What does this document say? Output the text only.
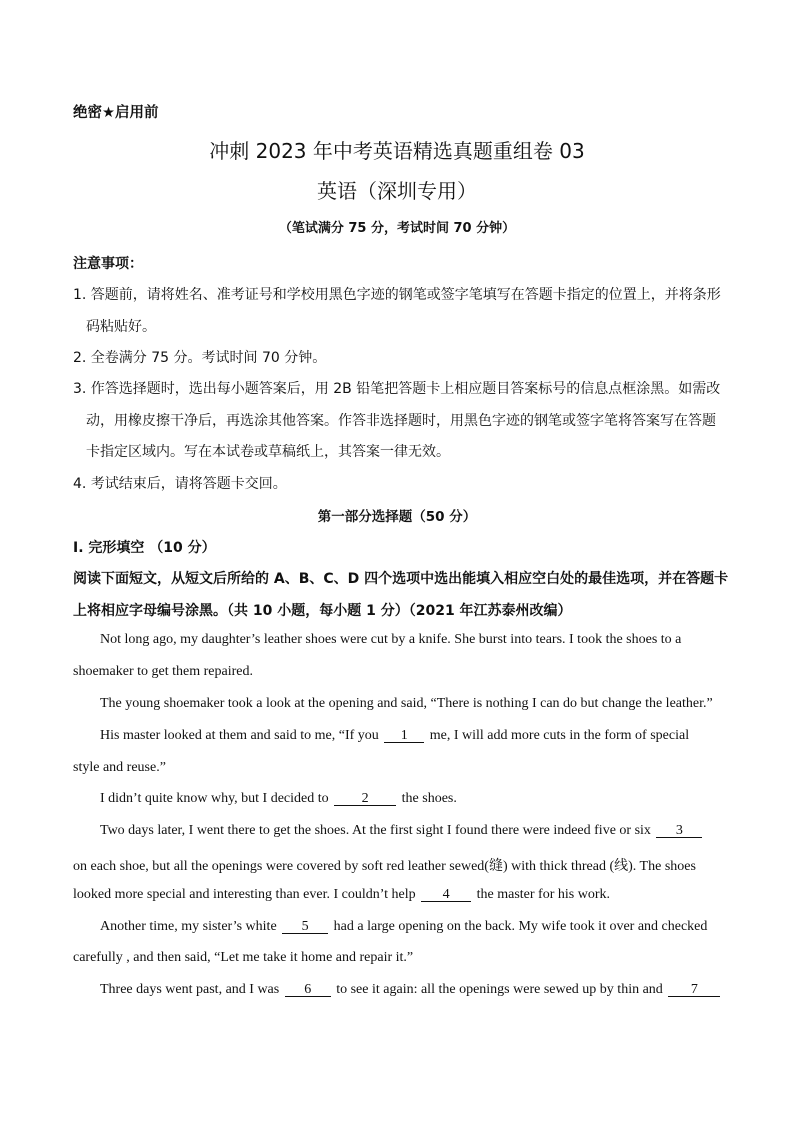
绝密★启用前
冲刺 2023 年中考英语精选真题重组卷 03
英语（深圳专用）
（笔试满分 75 分，考试时间 70 分钟）
注意事项：
1. 答题前，请将姓名、准考证号和学校用黑色字迹的钢笔或签字笔填写在答题卡指定的位置上，并将条形
码粘贴好。
2. 全卷满分 75 分。考试时间 70 分钟。
3. 作答选择题时，选出每小题答案后，用 2B 铅笔把答题卡上相应题目答案标号的信息点框涂黑。如需改
动，用橡皮擦干净后，再选涂其他答案。作答非选择题时，用黑色字迹的钢笔或签字笔将答案写在答题
卡指定区域内。写在本试卷或草稿纸上，其答案一律无效。
4. 考试结束后，请将答题卡交回。
第一部分选择题（50 分）
I. 完形填空 （10 分）
阅读下面短文，从短文后所给的 A、B、C、D 四个选项中选出能填入相应空白处的最佳选项，并在答题卡
上将相应字母编号涂黑。（共 10 小题，每小题 1 分）（2021 年江苏泰州改编）
Not long ago, my daughter’s leather shoes were cut by a knife. She burst into tears. I took the shoes to a
shoemaker to get them repaired.
The young shoemaker took a look at the opening and said, “There is nothing I can do but change the leather.”
His master looked at them and said to me, “If you 1 me, I will add more cuts in the form of special
style and reuse.”
I didn’t quite know why, but I decided to 2 the shoes.
Two days later, I went there to get the shoes. At the first sight I found there were indeed five or six 3
on each shoe, but all the openings were covered by soft red leather sewed(缝) with thick thread (线). The shoes
looked more special and interesting than ever. I couldn’t help 4 the master for his work.
Another time, my sister’s white 5 had a large opening on the back. My wife took it over and checked
carefully , and then said, “Let me take it home and repair it.”
Three days went past, and I was 6 to see it again: all the openings were sewed up by thin and 7
